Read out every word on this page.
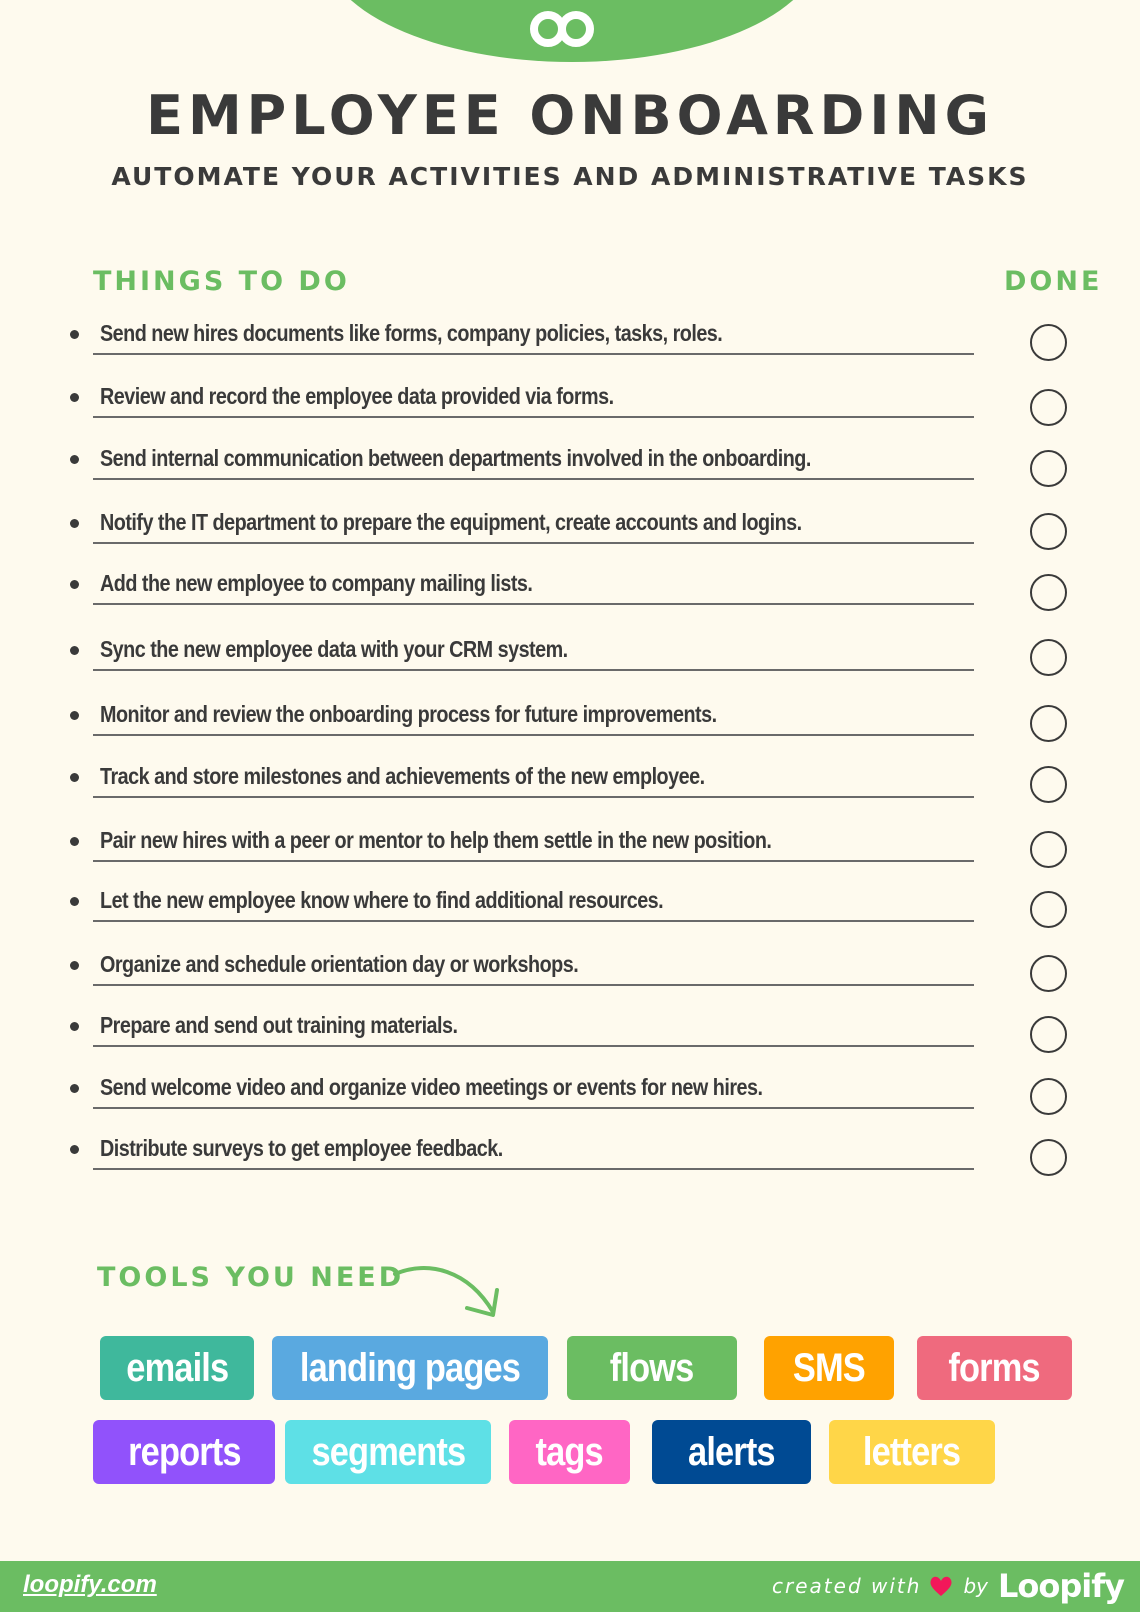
EMPLOYEE ONBOARDING
AUTOMATE YOUR ACTIVITIES AND ADMINISTRATIVE TASKS
THINGS TO DO	DONE
Send new hires documents like forms, company policies, tasks, roles.
Review and record the employee data provided via forms.
Send internal communication between departments involved in the onboarding.
Notify the IT department to prepare the equipment, create accounts and logins.
Add the new employee to company mailing lists.
Sync the new employee data with your CRM system.
Monitor and review the onboarding process for future improvements.
Track and store milestones and achievements of the new employee.
Pair new hires with a peer or mentor to help them settle in the new position.
Let the new employee know where to find additional resources.
Organize and schedule orientation day or workshops.
Prepare and send out training materials.
Send welcome video and organize video meetings or events for new hires.
Distribute surveys to get employee feedback.
TOOLS YOU NEED
emails landing pages flows SMS forms
reports segments tags alerts letters
loopify.com	created with by Loopify
